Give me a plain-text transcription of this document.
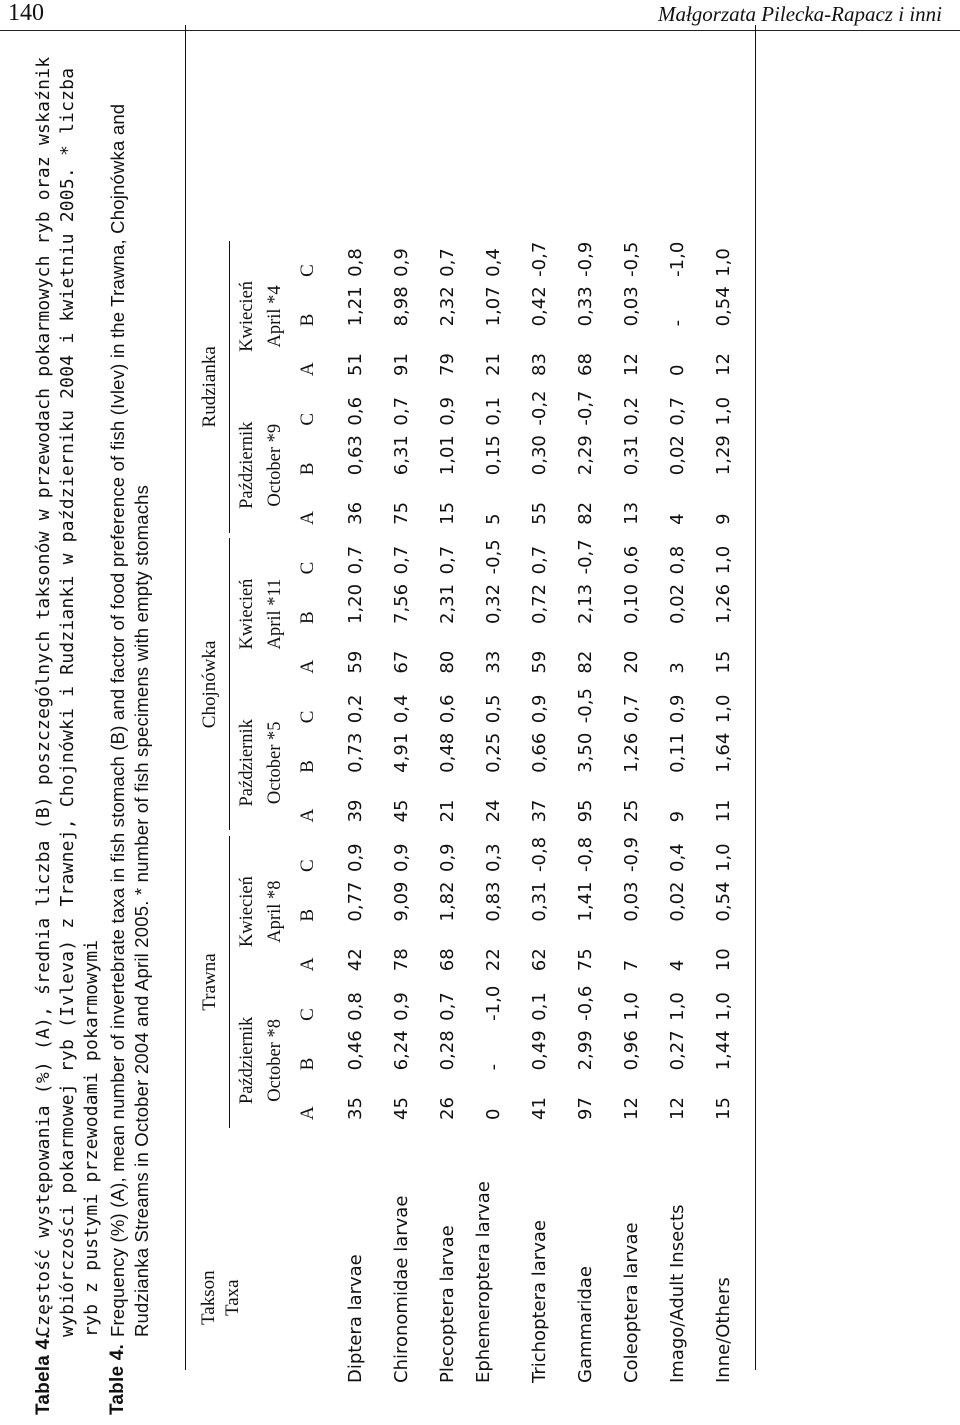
140	Małgorzata Pilecka-Rapacz i inni
Tabela 4.
Częstość występowania (%) (A), średnia liczba (B) poszczególnych taksonów w przewodach pokarmowych ryb oraz wskaźnik wybiórczości pokarmowej ryb (Ivleva) z Trawnej, Chojnówki i Rudzianki w październiku 2004 i kwietniu 2005. * liczba ryb z pustymi przewodami pokarmowymi
Table 4.
Frequency (%) (A), mean number of invertebrate taxa in fish stomach (B) and factor of food preference of fish (Ivlev) in the Trawna, Chojnówka and Rudzianka Streams in October 2004 and April 2005. * number of fish specimens with empty stomachs Takson Taxa
Trawna
Chojnówka
Rudzianka
Październik October *8
Kwiecień April *8
Październik October *5
Kwiecień April *11
Październik October *9
Kwiecień April *4
A
B
C
A
B
C
A
B
C
A
B
C
A
B
C
A
B
C
Diptera larvae
35
0,46
0,8
42
0,77
0,9
39
0,73
0,2
59
1,20
0,7
36
0,63
0,6
51
1,21
0,8
Chironomidae larvae
45
6,24
0,9
78
9,09
0,9
45
4,91
0,4
67
7,56
0,7
75
6,31
0,7
91
8,98
0,9
Plecoptera larvae
26
0,28
0,7
68
1,82
0,9
21
0,48
0,6
80
2,31
0,7
15
1,01
0,9
79
2,32
0,7
Ephemeroptera larvae
0
-
-1,0
22
0,83
0,3
24
0,25
0,5
33
0,32
-0,5
5
0,15
0,1
21
1,07
0,4
Trichoptera larvae
41
0,49
0,1
62
0,31
-0,8
37
0,66
0,9
59
0,72
0,7
55
0,30
-0,2
83
0,42
-0,7
Gammaridae
97
2,99
-0,6
75
1,41
-0,8
95
3,50
-0,5
82
2,13
-0,7
82
2,29
-0,7
68
0,33
-0,9
Coleoptera larvae
12
0,96
1,0
7
0,03
-0,9
25
1,26
0,7
20
0,10
0,6
13
0,31
0,2
12
0,03
-0,5
Imago/Adult Insects
12
0,27
1,0
4
0,02
0,4
9
0,11
0,9
3
0,02
0,8
4
0,02
0,7
0
-
-1,0
Inne/Others
15
1,44
1,0
10
0,54
1,0
11
1,64
1,0
15
1,26
1,0
9
1,29
1,0
12
0,54
1,0
